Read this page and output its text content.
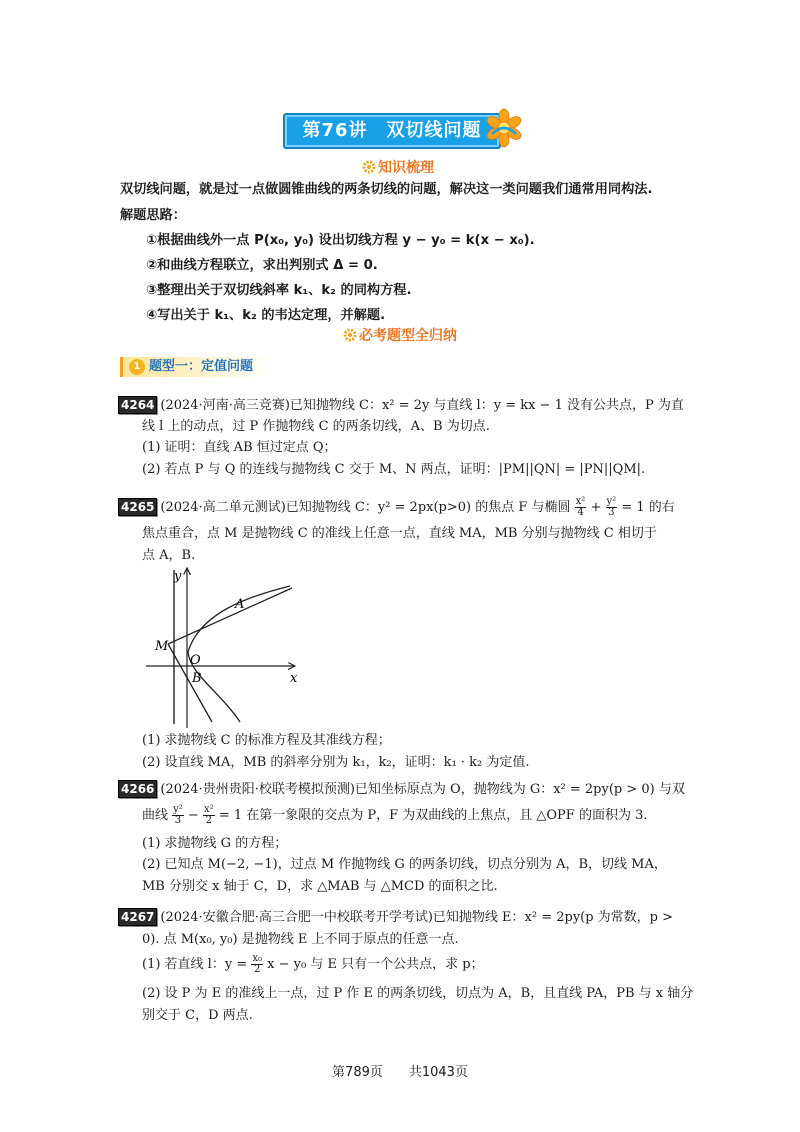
第76讲　双切线问题
知识梳理
双切线问题，就是过一点做圆锥曲线的两条切线的问题，解决这一类问题我们通常用同构法.
解题思路：
①根据曲线外一点 P(x₀, y₀) 设出切线方程 y − y₀ = k(x − x₀).
②和曲线方程联立，求出判别式 Δ = 0.
③整理出关于双切线斜率 k₁、k₂ 的同构方程.
④写出关于 k₁、k₂ 的韦达定理，并解题.
必考题型全归纳
1 题型一：定值问题
4264 (2024·河南·高三竞赛)已知抛物线 C：x² = 2y 与直线 l：y = kx − 1 没有公共点，P 为直
线 l 上的动点，过 P 作抛物线 C 的两条切线，A、B 为切点.
(1) 证明：直线 AB 恒过定点 Q；
(2) 若点 P 与 Q 的连线与抛物线 C 交于 M、N 两点，证明：|PM||QN| = |PN||QM|.
4265 (2024·高二单元测试)已知抛物线 C：y² = 2px(p>0) 的焦点 F 与椭圆 $\frac{\text{x²}}{4} + \frac{\text{y²}}{3} = 1$ 的右
焦点重合，点 M 是抛物线 C 的准线上任意一点，直线 MA，MB 分别与抛物线 C 相切于
点 A，B.
y
x
A
M
O
B
(1) 求抛物线 C 的标准方程及其准线方程；
(2) 设直线 MA，MB 的斜率分别为 k₁，k₂，证明：k₁ · k₂ 为定值.
4266 (2024·贵州贵阳·校联考模拟预测)已知坐标原点为 O，抛物线为 G：x² = 2py(p > 0) 与双
曲线 $\frac{\text{y²}}{3} - \frac{\text{x²}}{2} = 1$ 在第一象限的交点为 P，F 为双曲线的上焦点，且 △OPF 的面积为 3.
(1) 求抛物线 G 的方程；
(2) 已知点 M(−2, −1)，过点 M 作抛物线 G 的两条切线，切点分别为 A，B，切线 MA，
MB 分别交 x 轴于 C，D，求 △MAB 与 △MCD 的面积之比.
4267 (2024·安徽合肥·高三合肥一中校联考开学考试)已知抛物线 E：x² = 2py(p 为常数，p >
0). 点 M(x₀, y₀) 是抛物线 E 上不同于原点的任意一点.
(1) 若直线 l：$y = \frac{\text{x₀}}{2}$ x − y₀ 与 E 只有一个公共点，求 p；
(2) 设 P 为 E 的准线上一点，过 P 作 E 的两条切线，切点为 A，B，且直线 PA，PB 与 x 轴分
别交于 C，D 两点.
第789页　　共1043页
